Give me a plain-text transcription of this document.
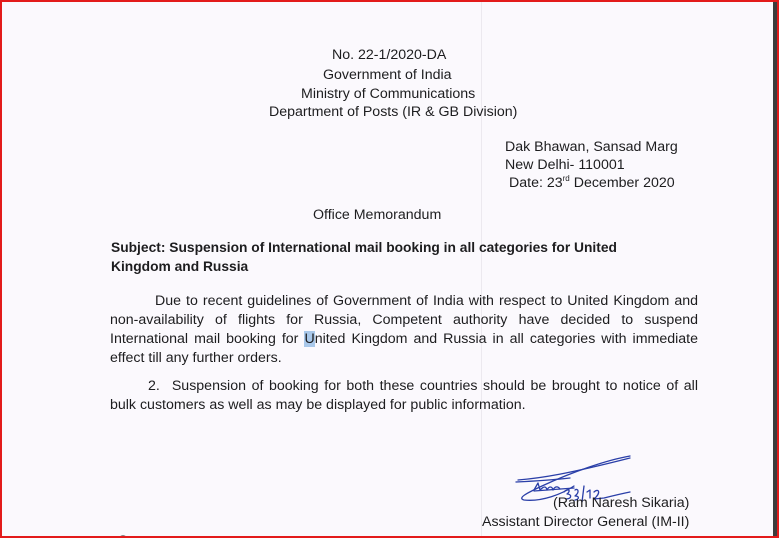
No. 22-1/2020-DA
Government of India
Ministry of Communications
Department of Posts (IR & GB Division)
Dak Bhawan, Sansad Marg
New Delhi- 110001
Date: 23rd December 2020
Office Memorandum
Subject: Suspension of International mail booking in all categories for United Kingdom and Russia
Due to recent guidelines of Government of India with respect to United Kingdom and non-availability of flights for Russia, Competent authority have decided to suspend International mail booking for United Kingdom and Russia in all categories with immediate effect till any further orders.
2. Suspension of booking for both these countries should be brought to notice of all bulk customers as well as may be displayed for public information.
(Ram Naresh Sikaria)
Assistant Director General (IM-II)
